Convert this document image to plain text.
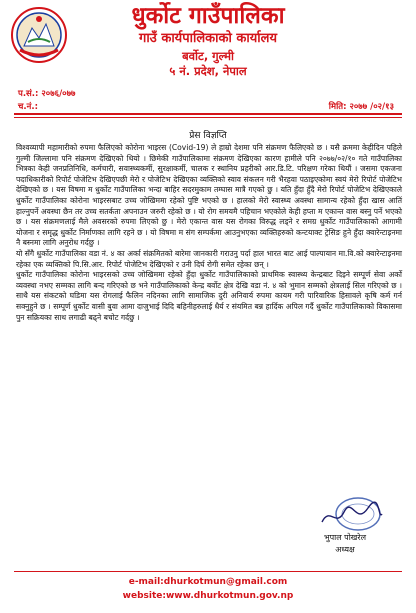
धुर्कोट गाउँपालिका
गाउँ कार्यपालिकाको कार्यालय
बर्वोट, गुल्मी
५ नं. प्रदेश, नेपाल
प.सं.: २०७६/०७७
च.नं.:	मिति: २०७७ /०२/१३
प्रेस विज्ञप्ति

विश्वव्यापी महामारीको रुपमा फैलिएको कोरोना भाइरस (Covid-19) ले हाम्रो देशमा पनि संक्रमण फैलिएको छ । यसै क्रममा केहीदिन पहिले गुल्मी जिल्लामा पनि संक्रमण देखिएको थियो । छिमेकी गाउँपालिकामा संक्रमण देखिएका कारण हामीले पनि २०७७/०२/१० गते गाउँपालिका भित्रका केही जनप्रतिनिधि, कर्मचारी, सवास्थ्यकर्मी, सुरक्षाकर्मी, चालक र स्थानिय प्रहरीको आर.डि.टि. परिक्षण गरेका थियौं । जसमा एकजना पदाधिकारीको रिपोर्ट पोजेटिभ देखिएपछी मेरो र पोजेटिभ देखिएका व्यक्तिको स्वाव संकलन गरी भैरहवा पठाइएकोमा स्वयं मेरो रिपोर्ट पोजेटिभ देखिएको छ । यस विषमा म धुर्कोट गाउँपालिका भन्दा बाहिर सदरमुकाम तम्घास मात्रै गएको छु । यति हुँदा हुँदै मेरो रिपोर्ट पोजेटिभ देखिएकाले धुर्कोट गाउँपालिका कोरोना भाइरसबाट उच्च जोखिममा रहेको पुष्टि भएको छ । हालको मेरो स्वास्थ्य अवस्था सामान्य रहेको हुँदा खास आतिं हाल्नुपर्ने अवस्था छैन तर उच्च सतर्कता अपनाउन जरुरी रहेको छ । यो रोग समयमै पहिचान भएकोले केही हप्ता म एकान्त वास बस्नु पर्ने भएको छ । यस संक्रमणलाई मैले अवसरको रुपमा लिएको छु । मेरो एकान्त वास यस रोगका विरुद्ध लड्ने र समग्र धुर्कोट गाउँपालिकाको आगामी योजना र समृद्ध धुर्कोट निर्माणका लागि रहने छ । यो विषमा म संग सम्पर्कमा आउनुभएका व्यक्तिहरुको कन्टयाक्ट ट्रेसिङ हुने हुँदा क्वारेन्टाइनमा नै बस्नमा लागि अनुरोध गर्दछु ।

यो सँगै धुर्कोट गाउँपालिका वडा नं. ४ का अर्का संक्रमितको बारेमा जानकारी गराउनु पर्दा हाल भारत बाट आई पाल्पायान मा.वि.को क्वारेन्टाइनमा रहेका एक व्यक्तिको पि.सि.आर. रिपोर्ट पोजेटिभ देखिएको र उनी दिर्घ रोगी समेत रहेका छन् ।

धुर्कोट गाउँपालिका कोरोना भाइरसको उच्च जोखिममा रहेको हुँदा धुर्कोट गाउँपालिकाको प्राथमिक स्वास्थ्य केन्द्रबाट दिइने सम्पूर्ण सेवा अर्को व्यवस्था नभए सम्मका लागि बन्द गरिएको छ भने गाउँपालिकाको केन्द्र बर्वोट क्षेत्र देखि वडा नं. ४ को भुमान सम्मको क्षेत्रलाई सिल गरिएको छ । साथै यस संकटको घडिमा यस रोगलाई फैलिन नदिनका लागि सामाजिक दुरी अनिवार्य रुपमा कायम गरी पारिवारिक हिसावले कृषि कर्म गर्न सक्नुहुने छ । सम्पूर्ण धुर्कोट वासी बुवा आमा दाजुभाई दिदि बहिनीहरुलाई धैर्य र संयमित बन्न हार्दिक अपिल गर्दै धुर्कोट गाउँपालिकाको विकासमा पुन सक्रियका साथ लगाढी बढ्ने बचोट गर्दछु ।

भुपाल पोखरेल
अध्यक्ष
e-mail:dhurkotmun@gmail.com
website:www.dhurkotmun.gov.np
